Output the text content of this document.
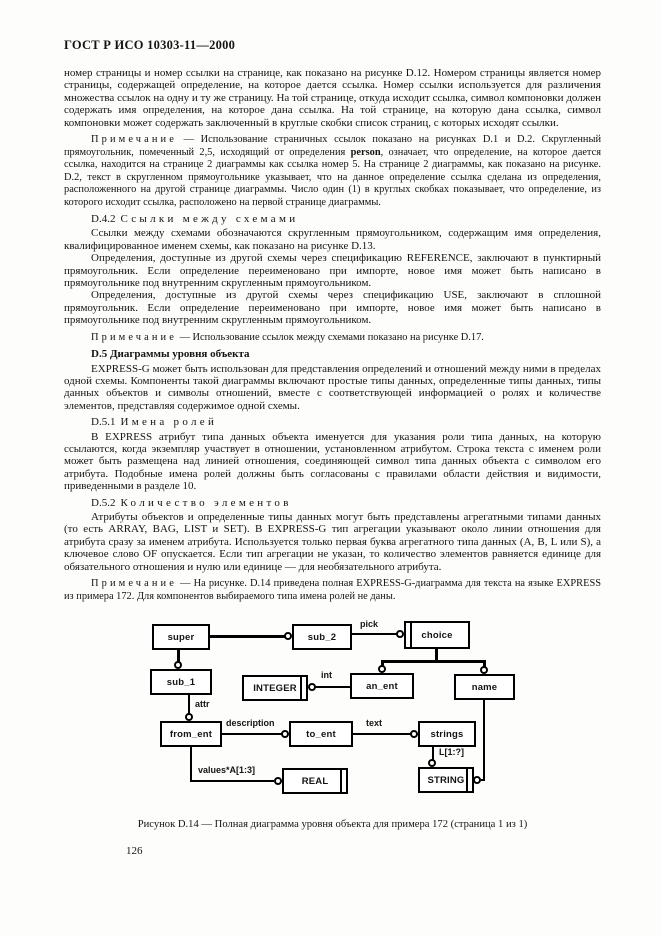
ГОСТ Р ИСО 10303-11—2000

номер страницы и номер ссылки на странице, как показано на рисунке D.12. Номером страницы является номер страницы, содержащей определение, на которое дается ссылка. Номер ссылки используется для различения множества ссылок на одну и ту же страницу. На той странице, откуда исходит ссылка, символ компоновки должен содержать имя определения, на которое дана ссылка. На той странице, на которую дана ссылка, символ компоновки может содержать заключенный в круглые скобки список страниц, с которых исходят ссылки.

Примечание — Использование страничных ссылок показано на рисунках D.1 и D.2. Скругленный прямоугольник, помеченный 2,5, исходящий от определения person, означает, что определение, на которое дается ссылка, находится на странице 2 диаграммы как ссылка номер 5. На странице 2 диаграммы, как показано на рисунке. D.2, текст в скругленном прямоугольнике указывает, что на данное определение ссылка сделана из определения, расположенного на другой странице диаграммы. Число один (1) в круглых скобках показывает, что определение, из которого исходит ссылка, расположено на первой странице диаграммы.

D.4.2 Ссылки между схемами

Ссылки между схемами обозначаются скругленным прямоугольником, содержащим имя определения, квалифицированное именем схемы, как показано на рисунке D.13.

Определения, доступные из другой схемы через спецификацию REFERENCE, заключают в пунктирный прямоугольник. Если определение переименовано при импорте, новое имя может быть написано в прямоугольнике под внутренним скругленным прямоугольником.

Определения, доступные из другой схемы через спецификацию USE, заключают в сплошной прямоугольник. Если определение переименовано при импорте, новое имя может быть написано в прямоугольнике под внутренним скругленным прямоугольником.

Примечание — Использование ссылок между схемами показано на рисунке D.17.

D.5 Диаграммы уровня объекта

EXPRESS-G может быть использован для представления определений и отношений между ними в пределах одной схемы. Компоненты такой диаграммы включают простые типы данных, определенные типы данных, типы данных объектов и символы отношений, вместе с соответствующей информацией о ролях и количестве элементов, представляя содержимое одной схемы.

D.5.1 Имена ролей

В EXPRESS атрибут типа данных объекта именуется для указания роли типа данных, на которую ссылаются, когда экземпляр участвует в отношении, установленном атрибутом. Строка текста с именем роли может быть размещена над линией отношения, соединяющей символ типа данных объекта с символом его атрибута. Подобные имена ролей должны быть согласованы с правилами области действия и видимости, приведенными в разделе 10.

D.5.2 Количество элементов

Атрибуты объектов и определенные типы данных могут быть представлены агрегатными типами данных (то есть ARRAY, BAG, LIST и SET). В EXPRESS-G тип агрегации указывают около линии отношения для атрибута сразу за именем атрибута. Используется только первая буква агрегатного типа данных (A, B, L или S), а ключевое слово OF опускается. Если тип агрегации не указан, то количество элементов равняется единице для обязательного отношения и нулю или единице — для необязательного атрибута.

Примечание — На рисунке. D.14 приведена полная EXPRESS-G-диаграмма для текста на языке EXPRESS из примера 172. Для компонентов выбираемого типа имена ролей не даны.

pick
int
attr
description	text
L[1:?]
values*A[1:3]
super	sub_2	choice
sub_1
INTEGER	an_ent	name
from_ent	to_ent	strings
REAL	STRING

Рисунок D.14 — Полная диаграмма уровня объекта для примера 172 (страница 1 из 1)

126
